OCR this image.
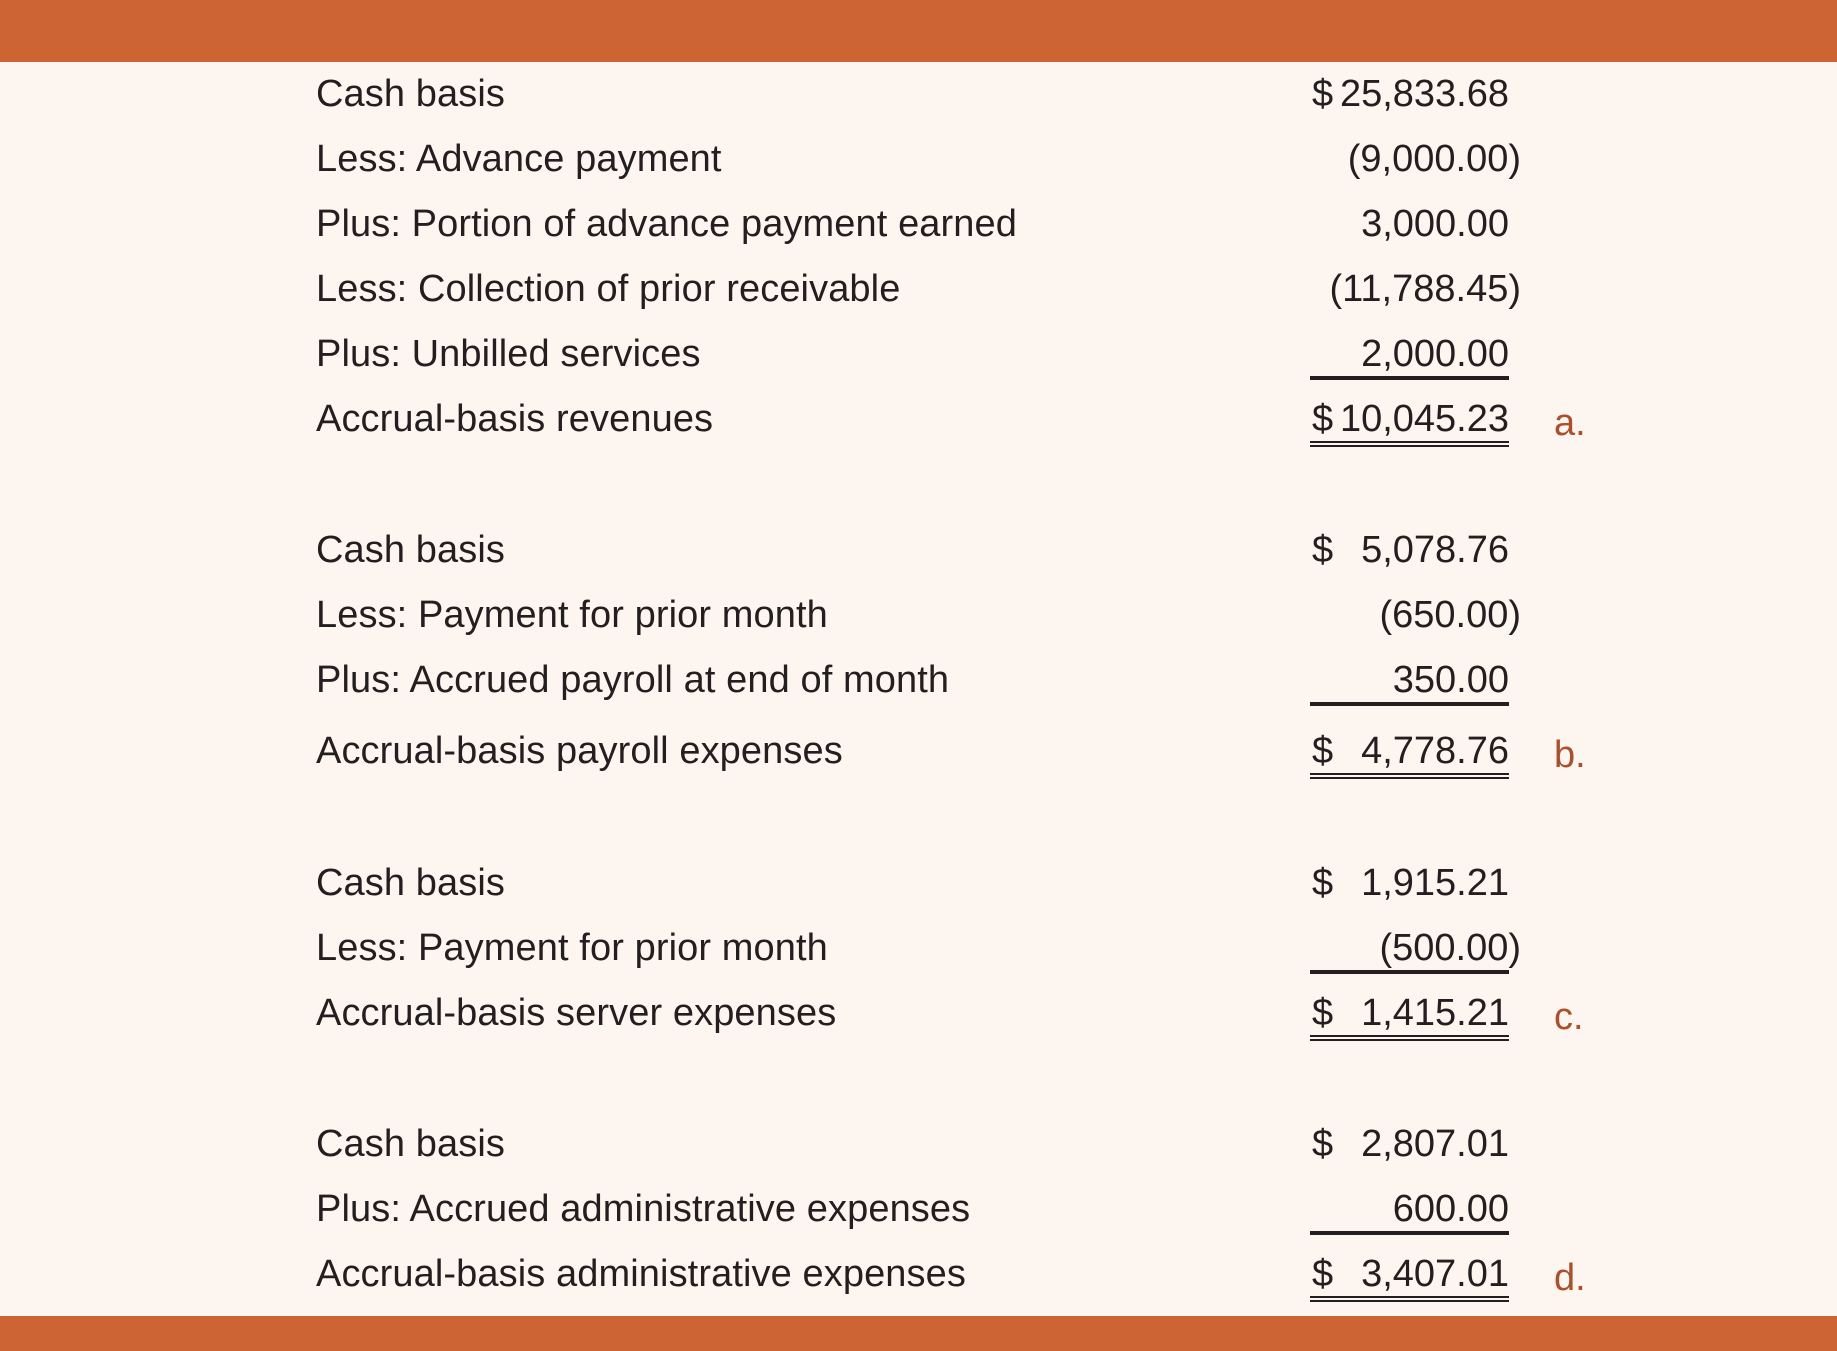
Cash basis	$ 25,833.68
Less: Advance payment	(9,000.00)
Plus: Portion of advance payment earned	3,000.00
Less: Collection of prior receivable	(11,788.45)
Plus: Unbilled services	2,000.00
Accrual-basis revenues	$ 10,045.23 a.
Cash basis	$ 5,078.76
Less: Payment for prior month	(650.00)
Plus: Accrued payroll at end of month	350.00
Accrual-basis payroll expenses	$ 4,778.76 b.
Cash basis	$ 1,915.21
Less: Payment for prior month	(500.00)
Accrual-basis server expenses	$ 1,415.21 c.
Cash basis	$ 2,807.01
Plus: Accrued administrative expenses	600.00
Accrual-basis administrative expenses	$ 3,407.01 d.
